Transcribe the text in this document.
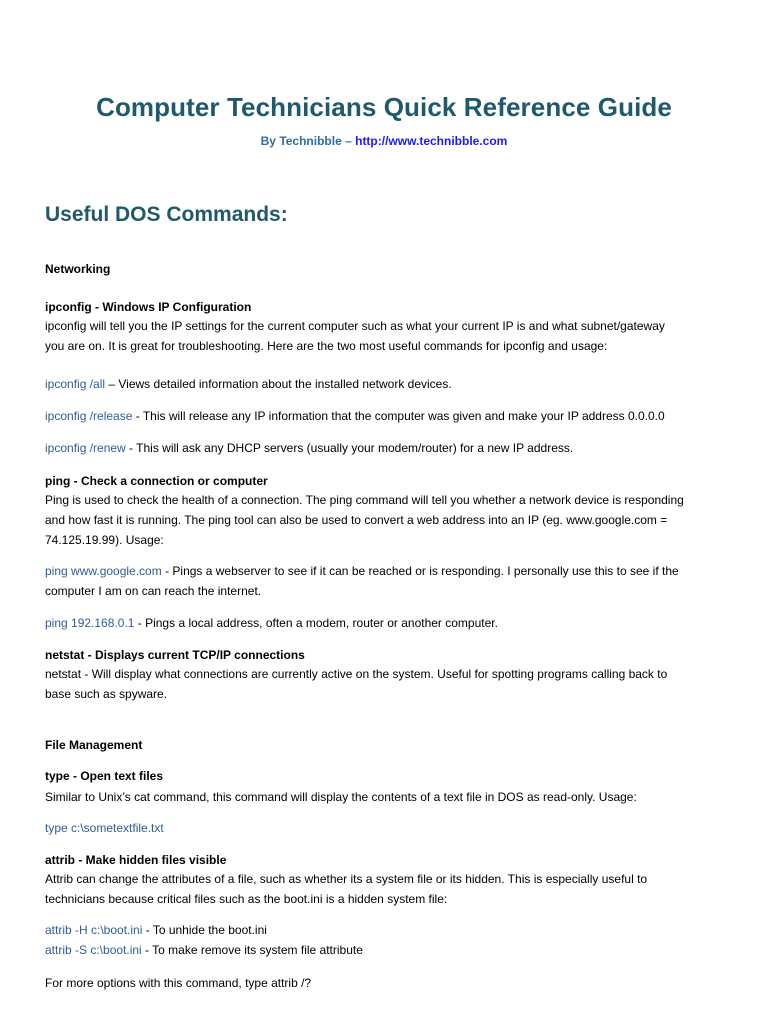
Computer Technicians Quick Reference Guide
By Technibble – http://www.technibble.com
Useful DOS Commands:
Networking
ipconfig - Windows IP Configuration
ipconfig will tell you the IP settings for the current computer such as what your current IP is and what subnet/gateway
you are on. It is great for troubleshooting. Here are the two most useful commands for ipconfig and usage:
ipconfig /all – Views detailed information about the installed network devices.
ipconfig /release - This will release any IP information that the computer was given and make your IP address 0.0.0.0
ipconfig /renew - This will ask any DHCP servers (usually your modem/router) for a new IP address.
ping - Check a connection or computer
Ping is used to check the health of a connection. The ping command will tell you whether a network device is responding
and how fast it is running. The ping tool can also be used to convert a web address into an IP (eg. www.google.com =
74.125.19.99). Usage:
ping www.google.com - Pings a webserver to see if it can be reached or is responding. I personally use this to see if the
computer I am on can reach the internet.
ping 192.168.0.1 - Pings a local address, often a modem, router or another computer.
netstat - Displays current TCP/IP connections
netstat - Will display what connections are currently active on the system. Useful for spotting programs calling back to
base such as spyware.
File Management
type - Open text files
Similar to Unix’s cat command, this command will display the contents of a text file in DOS as read-only. Usage:
type c:\sometextfile.txt
attrib - Make hidden files visible
Attrib can change the attributes of a file, such as whether its a system file or its hidden. This is especially useful to
technicians because critical files such as the boot.ini is a hidden system file:
attrib -H c:\boot.ini - To unhide the boot.ini
attrib -S c:\boot.ini - To make remove its system file attribute
For more options with this command, type attrib /?
